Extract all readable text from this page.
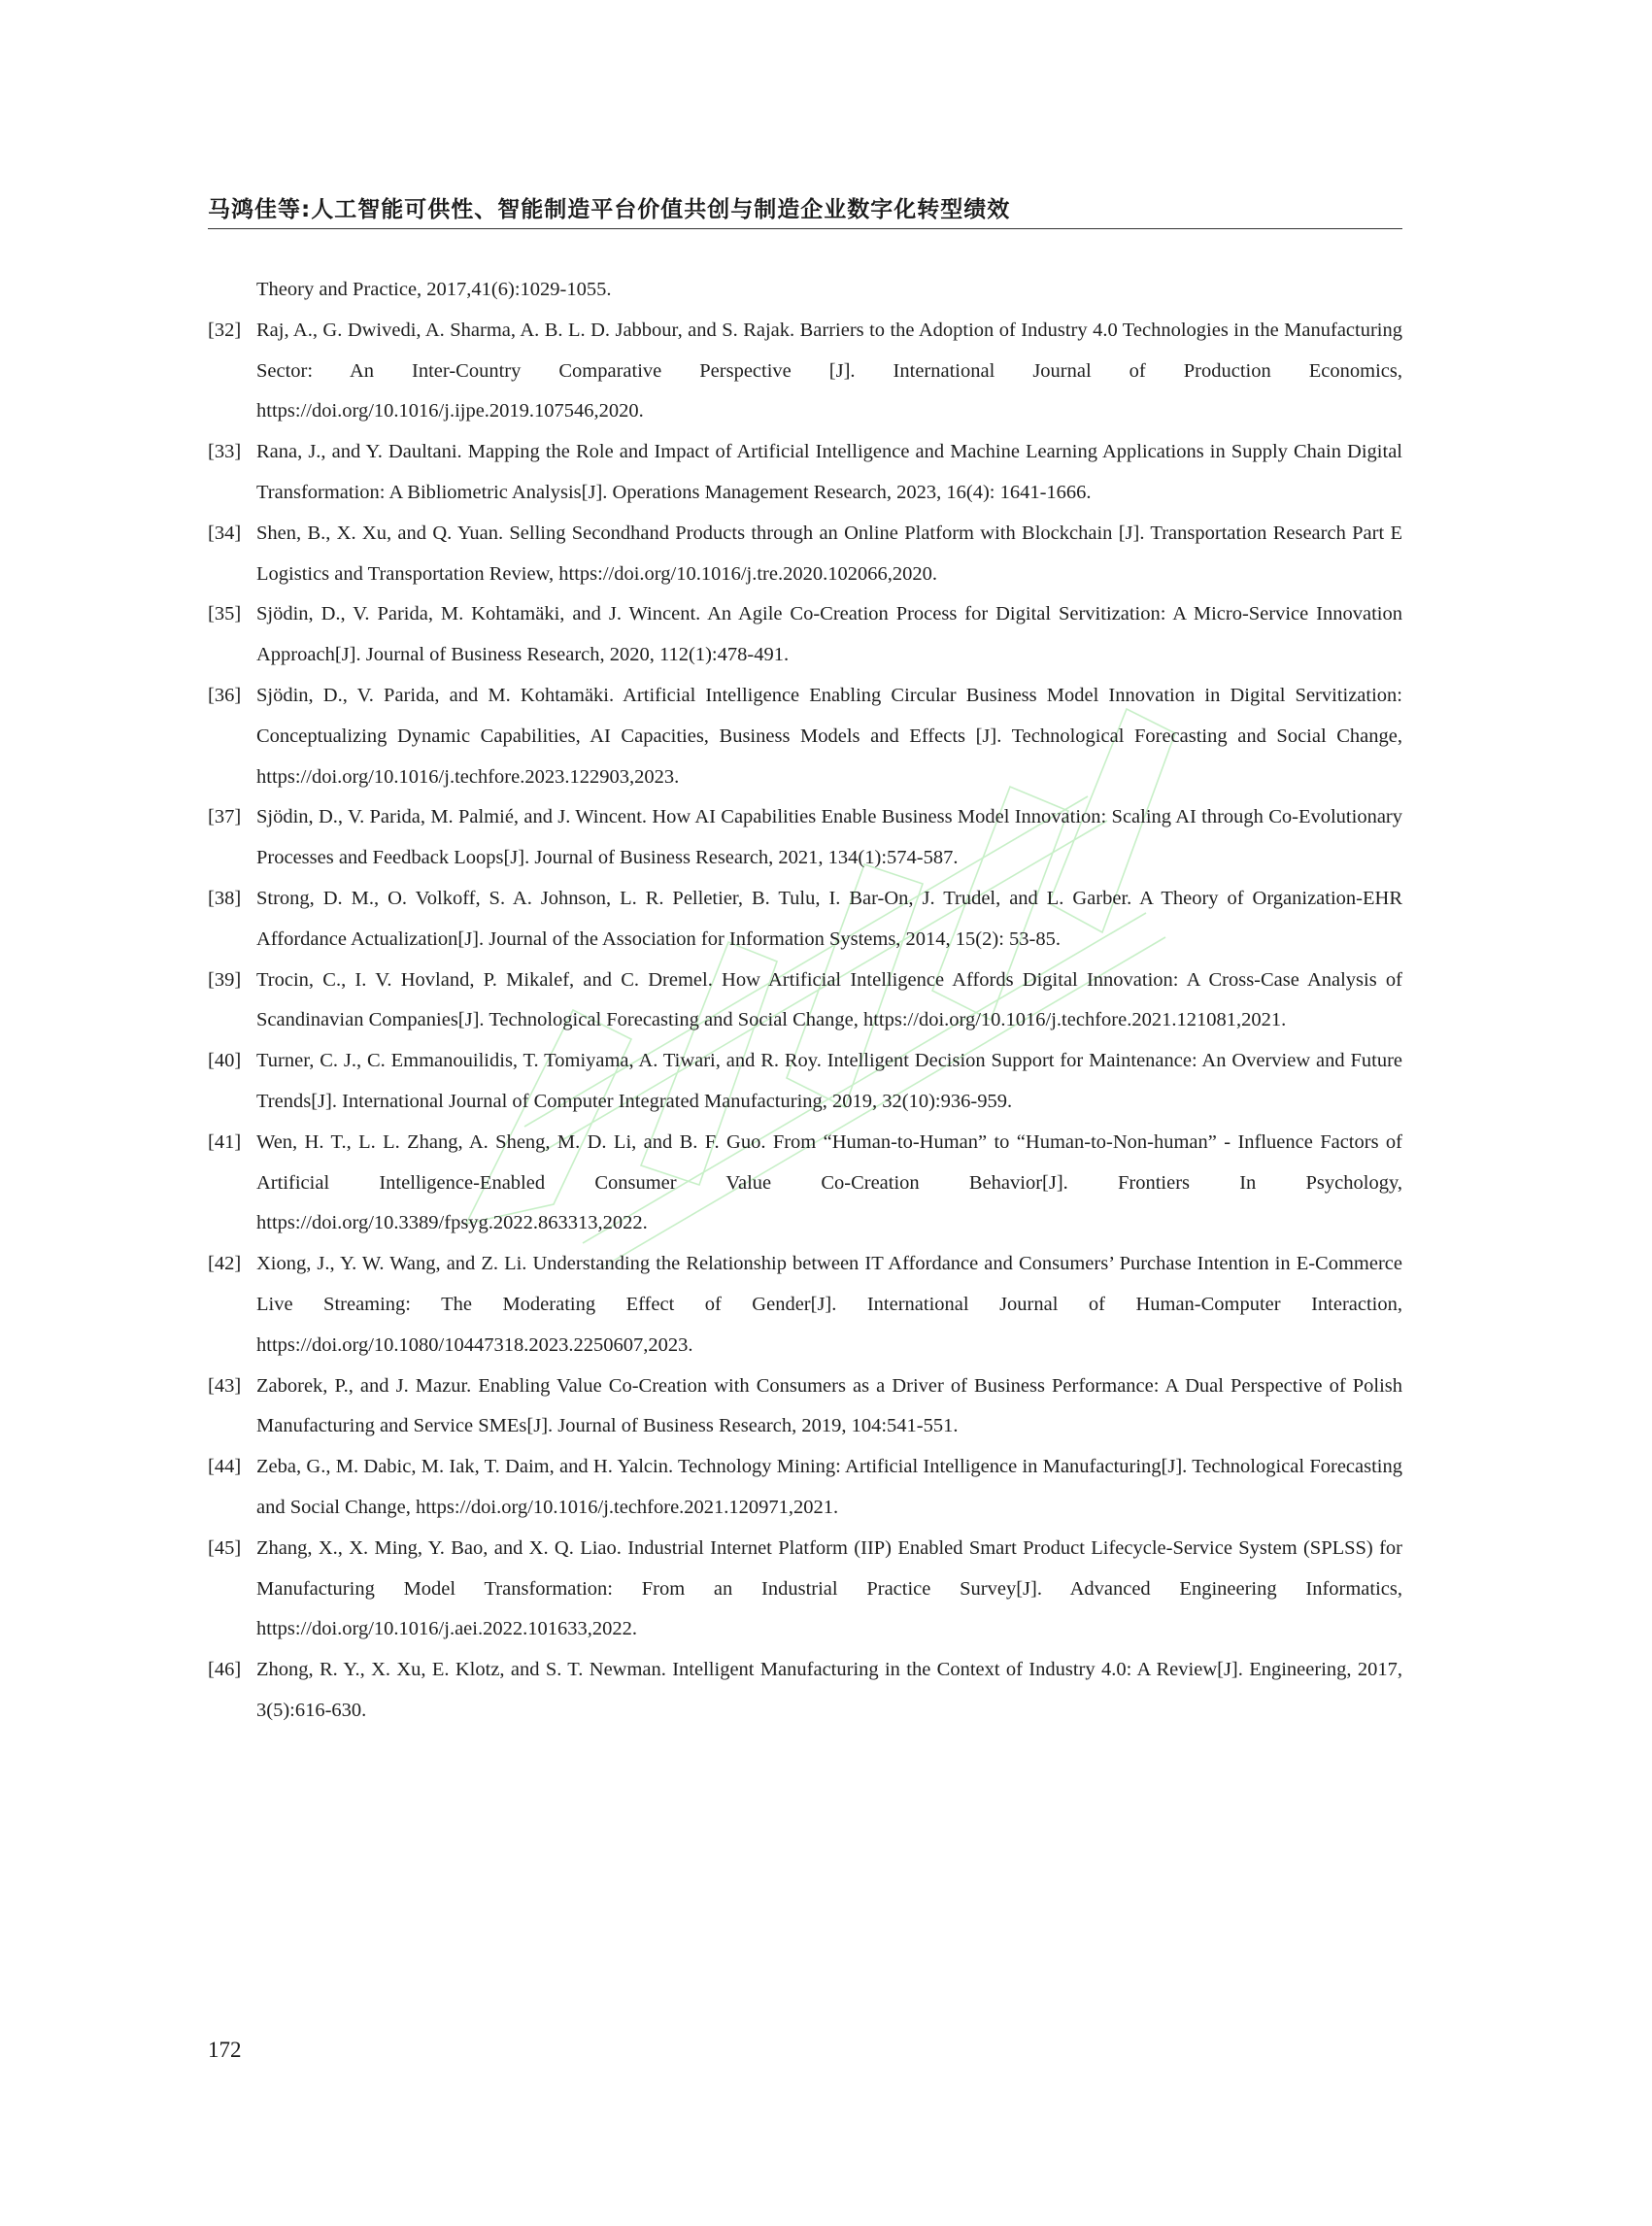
马鸿佳等:人工智能可供性、智能制造平台价值共创与制造企业数字化转型绩效
Theory and Practice, 2017,41(6):1029-1055.
[32] Raj, A., G. Dwivedi, A. Sharma, A. B. L. D. Jabbour, and S. Rajak. Barriers to the Adoption of Industry 4.0 Technologies in the Manufacturing Sector: An Inter-Country Comparative Perspective [J]. International Journal of Production Economics, https://doi.org/10.1016/j.ijpe.2019.107546,2020.
[33] Rana, J., and Y. Daultani. Mapping the Role and Impact of Artificial Intelligence and Machine Learning Applications in Supply Chain Digital Transformation: A Bibliometric Analysis[J]. Operations Management Research, 2023, 16(4): 1641-1666.
[34] Shen, B., X. Xu, and Q. Yuan. Selling Secondhand Products through an Online Platform with Blockchain [J]. Transportation Research Part E Logistics and Transportation Review, https://doi.org/10.1016/j.tre.2020.102066,2020.
[35] Sjödin, D., V. Parida, M. Kohtamäki, and J. Wincent. An Agile Co-Creation Process for Digital Servitization: A Micro-Service Innovation Approach[J]. Journal of Business Research, 2020, 112(1):478-491.
[36] Sjödin, D., V. Parida, and M. Kohtamäki. Artificial Intelligence Enabling Circular Business Model Innovation in Digital Servitization: Conceptualizing Dynamic Capabilities, AI Capacities, Business Models and Effects [J]. Technological Forecasting and Social Change, https://doi.org/10.1016/j.techfore.2023.122903,2023.
[37] Sjödin, D., V. Parida, M. Palmié, and J. Wincent. How AI Capabilities Enable Business Model Innovation: Scaling AI through Co-Evolutionary Processes and Feedback Loops[J]. Journal of Business Research, 2021, 134(1):574-587.
[38] Strong, D. M., O. Volkoff, S. A. Johnson, L. R. Pelletier, B. Tulu, I. Bar-On, J. Trudel, and L. Garber. A Theory of Organization-EHR Affordance Actualization[J]. Journal of the Association for Information Systems, 2014, 15(2): 53-85.
[39] Trocin, C., I. V. Hovland, P. Mikalef, and C. Dremel. How Artificial Intelligence Affords Digital Innovation: A Cross-Case Analysis of Scandinavian Companies[J]. Technological Forecasting and Social Change, https://doi.org/10.1016/j.techfore.2021.121081,2021.
[40] Turner, C. J., C. Emmanouilidis, T. Tomiyama, A. Tiwari, and R. Roy. Intelligent Decision Support for Maintenance: An Overview and Future Trends[J]. International Journal of Computer Integrated Manufacturing, 2019, 32(10):936-959.
[41] Wen, H. T., L. L. Zhang, A. Sheng, M. D. Li, and B. F. Guo. From “Human-to-Human” to “Human-to-Non-human” - Influence Factors of Artificial Intelligence-Enabled Consumer Value Co-Creation Behavior[J]. Frontiers In Psychology, https://doi.org/10.3389/fpsyg.2022.863313,2022.
[42] Xiong, J., Y. W. Wang, and Z. Li. Understanding the Relationship between IT Affordance and Consumers’ Purchase Intention in E-Commerce Live Streaming: The Moderating Effect of Gender[J]. International Journal of Human-Computer Interaction, https://doi.org/10.1080/10447318.2023.2250607,2023.
[43] Zaborek, P., and J. Mazur. Enabling Value Co-Creation with Consumers as a Driver of Business Performance: A Dual Perspective of Polish Manufacturing and Service SMEs[J]. Journal of Business Research, 2019, 104:541-551.
[44] Zeba, G., M. Dabic, M. Iak, T. Daim, and H. Yalcin. Technology Mining: Artificial Intelligence in Manufacturing[J]. Technological Forecasting and Social Change, https://doi.org/10.1016/j.techfore.2021.120971,2021.
[45] Zhang, X., X. Ming, Y. Bao, and X. Q. Liao. Industrial Internet Platform (IIP) Enabled Smart Product Lifecycle-Service System (SPLSS) for Manufacturing Model Transformation: From an Industrial Practice Survey[J]. Advanced Engineering Informatics, https://doi.org/10.1016/j.aei.2022.101633,2022.
[46] Zhong, R. Y., X. Xu, E. Klotz, and S. T. Newman. Intelligent Manufacturing in the Context of Industry 4.0: A Review[J]. Engineering, 2017, 3(5):616-630.
172
